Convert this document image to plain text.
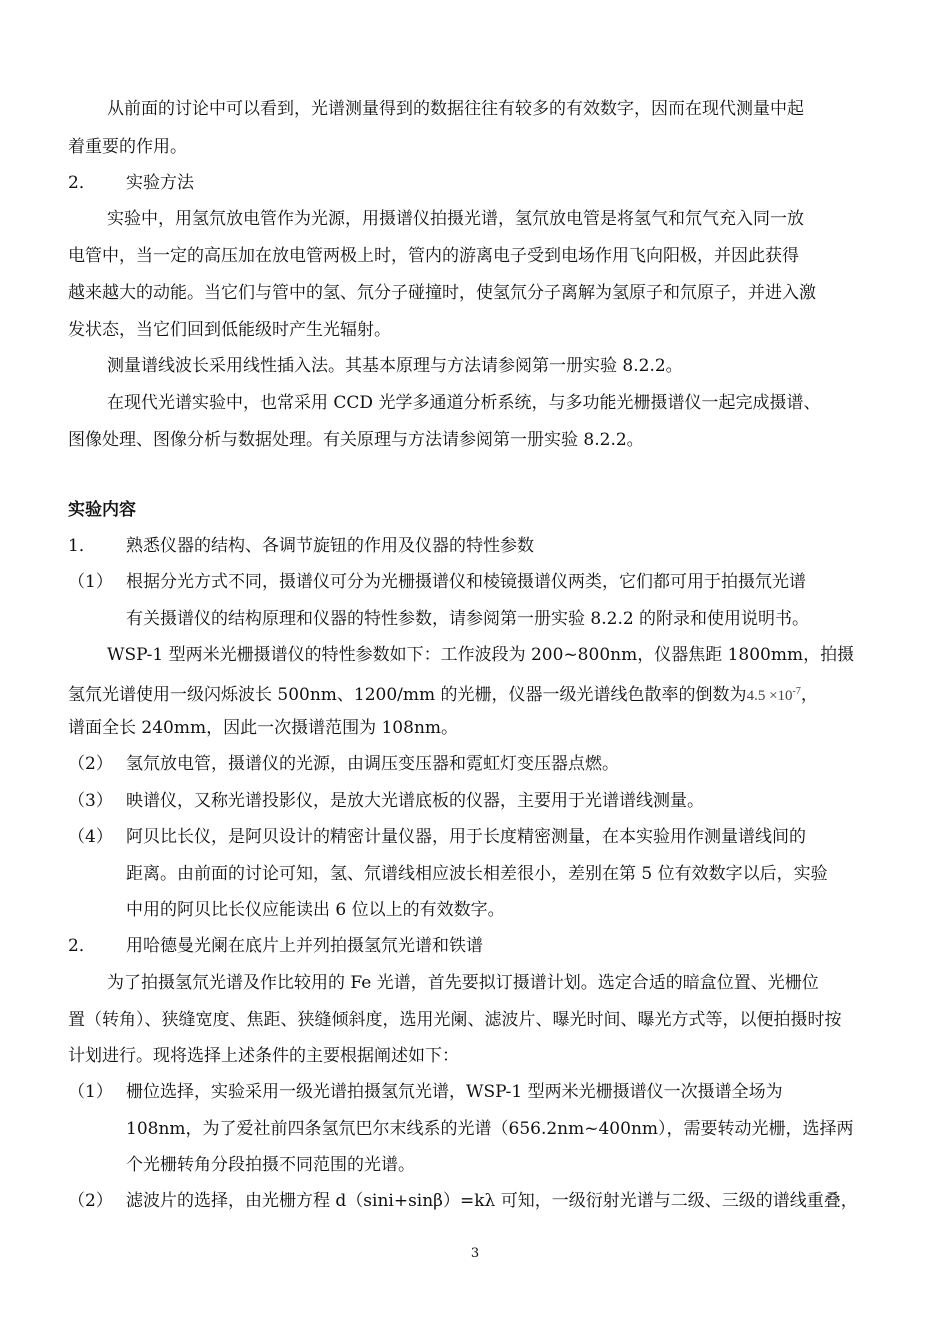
从前面的讨论中可以看到，光谱测量得到的数据往往有较多的有效数字，因而在现代测量中起
着重要的作用。
2． 实验方法
实验中，用氢氘放电管作为光源，用摄谱仪拍摄光谱，氢氘放电管是将氢气和氘气充入同一放
电管中，当一定的高压加在放电管两极上时，管内的游离电子受到电场作用飞向阳极，并因此获得
越来越大的动能。当它们与管中的氢、氘分子碰撞时，使氢氘分子离解为氢原子和氘原子，并进入激
发状态，当它们回到低能级时产生光辐射。
测量谱线波长采用线性插入法。其基本原理与方法请参阅第一册实验 8.2.2。
在现代光谱实验中，也常采用 CCD 光学多通道分析系统，与多功能光栅摄谱仪一起完成摄谱、
图像处理、图像分析与数据处理。有关原理与方法请参阅第一册实验 8.2.2。
实验内容
1． 熟悉仪器的结构、各调节旋钮的作用及仪器的特性参数
（1） 根据分光方式不同，摄谱仪可分为光栅摄谱仪和棱镜摄谱仪两类，它们都可用于拍摄氘光谱
有关摄谱仪的结构原理和仪器的特性参数，请参阅第一册实验 8.2.2 的附录和使用说明书。
WSP-1 型两米光栅摄谱仪的特性参数如下：工作波段为 200~800nm，仪器焦距 1800mm，拍摄
氢氘光谱使用一级闪烁波长 500nm、1200/mm 的光栅，仪器一级光谱线色散率的倒数为$4.5 \times 10^{-7}$，
谱面全长 240mm，因此一次摄谱范围为 108nm。
（2） 氢氘放电管，摄谱仪的光源，由调压变压器和霓虹灯变压器点燃。
（3） 映谱仪，又称光谱投影仪，是放大光谱底板的仪器，主要用于光谱谱线测量。
（4） 阿贝比长仪，是阿贝设计的精密计量仪器，用于长度精密测量，在本实验用作测量谱线间的
距离。由前面的讨论可知，氢、氘谱线相应波长相差很小，差别在第 5 位有效数字以后，实验
中用的阿贝比长仪应能读出 6 位以上的有效数字。
2． 用哈德曼光阑在底片上并列拍摄氢氘光谱和铁谱
为了拍摄氢氘光谱及作比较用的 Fe 光谱，首先要拟订摄谱计划。选定合适的暗盒位置、光栅位
置（转角）、狭缝宽度、焦距、狭缝倾斜度，选用光阑、滤波片、曝光时间、曝光方式等，以便拍摄时按
计划进行。现将选择上述条件的主要根据阐述如下：
（1） 栅位选择，实验采用一级光谱拍摄氢氘光谱，WSP-1 型两米光栅摄谱仪一次摄谱全场为
108nm，为了爱社前四条氢氘巴尔末线系的光谱（656.2nm~400nm），需要转动光栅，选择两
个光栅转角分段拍摄不同范围的光谱。
（2） 滤波片的选择，由光栅方程 d（sini+sinβ）=kλ 可知，一级衍射光谱与二级、三级的谱线重叠，
3
